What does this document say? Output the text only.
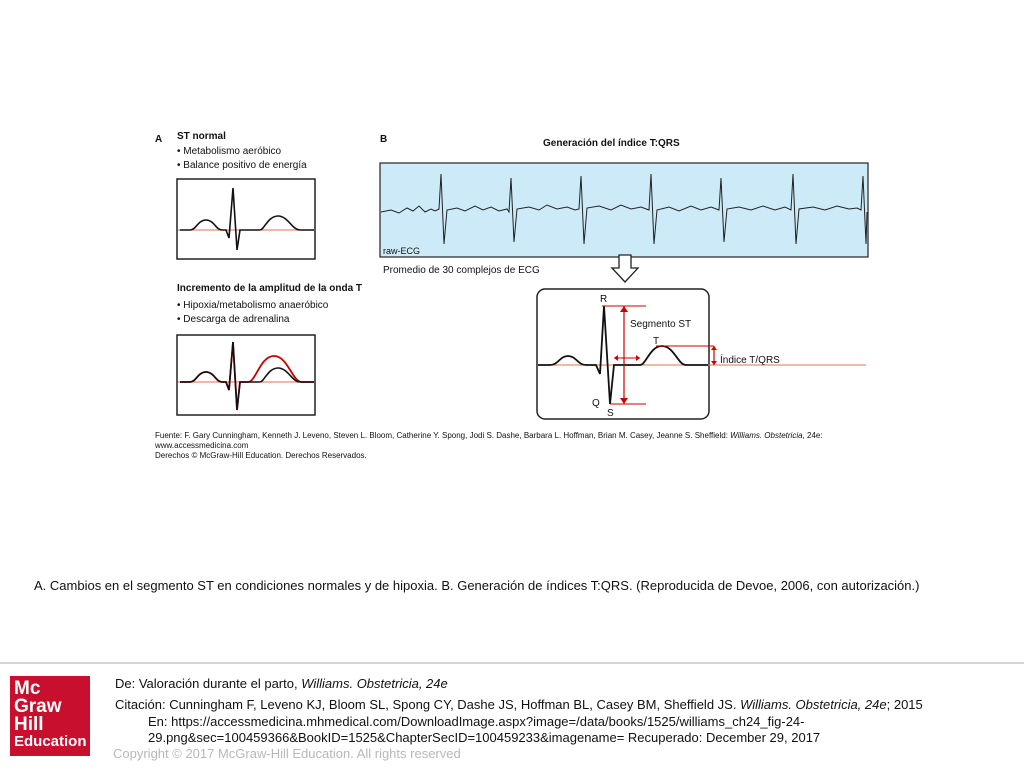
A ST normal
• Metabolismo aeróbico
• Balance positivo de energía
Incremento de la amplitud de la onda T
• Hipoxia/metabolismo anaeróbico
• Descarga de adrenalina
B	Generación del índice T:QRS
raw-ECG
Promedio de 30 complejos de ECG
R
Q
S
T
Segmento ST
Índice T/QRS
Fuente: F. Gary Cunningham, Kenneth J. Leveno, Steven L. Bloom, Catherine Y. Spong, Jodi S. Dashe, Barbara L. Hoffman, Brian M. Casey, Jeanne S. Sheffield: Williams. Obstetricia, 24e:
www.accessmedicina.com
Derechos © McGraw-Hill Education. Derechos Reservados.
A. Cambios en el segmento ST en condiciones normales y de hipoxia. B. Generación de índices T:QRS. (Reproducida de Devoe, 2006, con autorización.)
Mc
Graw
Hill
Education
De: Valoración durante el parto, Williams. Obstetricia, 24e
Citación: Cunningham F, Leveno KJ, Bloom SL, Spong CY, Dashe JS, Hoffman BL, Casey BM, Sheffield JS. Williams. Obstetricia, 24e; 2015
En: https://accessmedicina.mhmedical.com/DownloadImage.aspx?image=/data/books/1525/williams_ch24_fig-24-
29.png&sec=100459366&BookID=1525&ChapterSecID=100459233&imagename= Recuperado: December 29, 2017
Copyright © 2017 McGraw-Hill Education. All rights reserved
